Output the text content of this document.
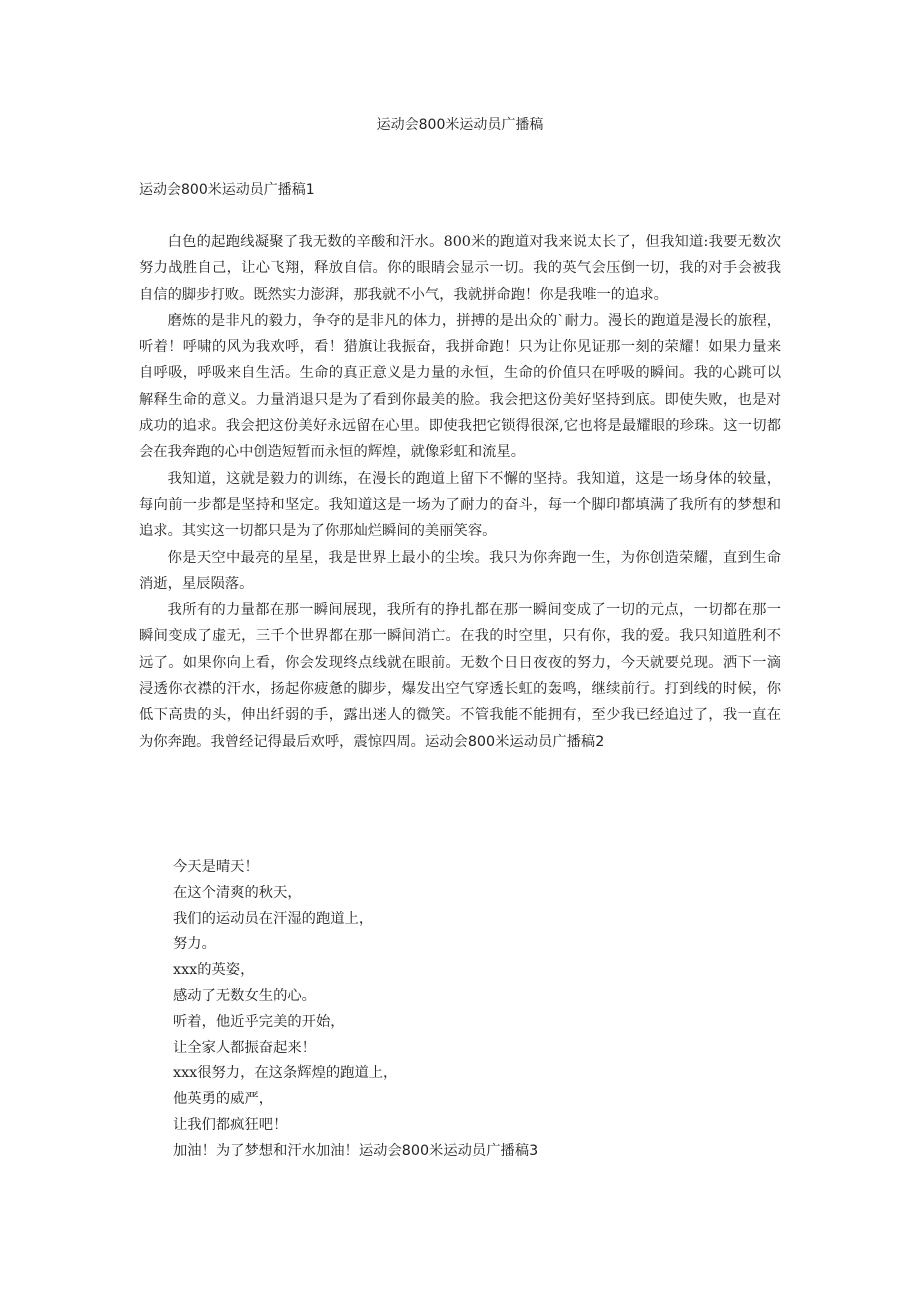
运动会800米运动员广播稿
运动会800米运动员广播稿1

白色的起跑线凝聚了我无数的辛酸和汗水。800米的跑道对我来说太长了，但我知道:我要无数次努力战胜自己，让心飞翔，释放自信。你的眼睛会显示一切。我的英气会压倒一切，我的对手会被我自信的脚步打败。既然实力澎湃，那我就不小气，我就拼命跑！你是我唯一的追求。

磨炼的是非凡的毅力，争夺的是非凡的体力，拼搏的是出众的`耐力。漫长的跑道是漫长的旅程，听着！呼啸的风为我欢呼，看！猎旗让我振奋，我拼命跑！只为让你见证那一刻的荣耀！如果力量来自呼吸，呼吸来自生活。生命的真正意义是力量的永恒，生命的价值只在呼吸的瞬间。我的心跳可以解释生命的意义。力量消退只是为了看到你最美的脸。我会把这份美好坚持到底。即使失败，也是对成功的追求。我会把这份美好永远留在心里。即使我把它锁得很深,它也将是最耀眼的珍珠。这一切都会在我奔跑的心中创造短暂而永恒的辉煌，就像彩虹和流星。

我知道，这就是毅力的训练，在漫长的跑道上留下不懈的坚持。我知道，这是一场身体的较量，每向前一步都是坚持和坚定。我知道这是一场为了耐力的奋斗，每一个脚印都填满了我所有的梦想和追求。其实这一切都只是为了你那灿烂瞬间的美丽笑容。

你是天空中最亮的星星，我是世界上最小的尘埃。我只为你奔跑一生，为你创造荣耀，直到生命消逝，星辰陨落。

我所有的力量都在那一瞬间展现，我所有的挣扎都在那一瞬间变成了一切的元点，一切都在那一瞬间变成了虚无，三千个世界都在那一瞬间消亡。在我的时空里，只有你，我的爱。我只知道胜利不远了。如果你向上看，你会发现终点线就在眼前。无数个日日夜夜的努力，今天就要兑现。洒下一滴浸透你衣襟的汗水，扬起你疲惫的脚步，爆发出空气穿透长虹的轰鸣，继续前行。打到线的时候，你低下高贵的头，伸出纤弱的手，露出迷人的微笑。不管我能不能拥有，至少我已经追过了，我一直在为你奔跑。我曾经记得最后欢呼，震惊四周。运动会800米运动员广播稿2

今天是晴天！

在这个清爽的秋天，

我们的运动员在汗湿的跑道上，

努力。

xxx的英姿，

感动了无数女生的心。

听着，他近乎完美的开始，

让全家人都振奋起来！

xxx很努力，在这条辉煌的跑道上，

他英勇的威严，

让我们都疯狂吧！

加油！为了梦想和汗水加油！运动会800米运动员广播稿3
